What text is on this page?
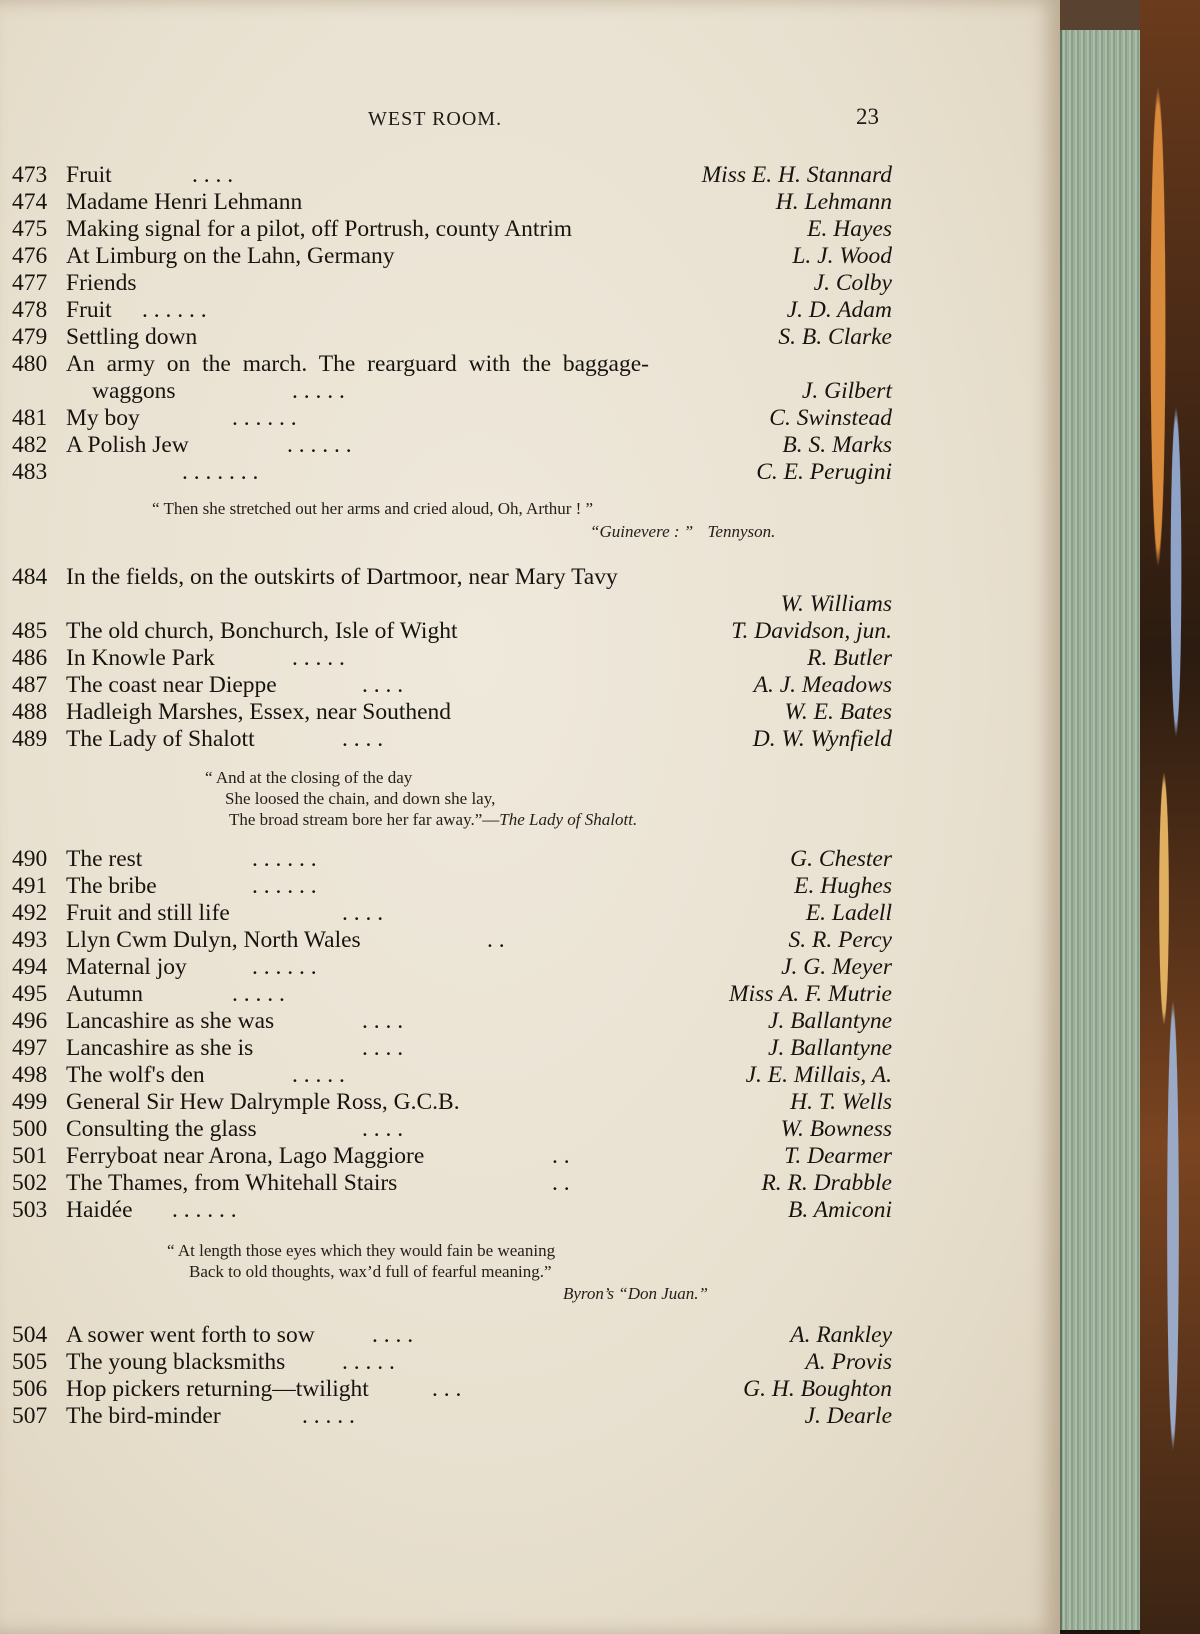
WEST ROOM.	23
473 Fruit	. . . .	Miss E. H. Stannard
474 Madame Henri Lehmann	H. Lehmann
475 Making signal for a pilot, off Portrush, county Antrim	E. Hayes
476 At Limburg on the Lahn, Germany	L. J. Wood
477 Friends	J. Colby
478 Fruit . . . . . .	J. D. Adam
479 Settling down	S. B. Clarke
480 An army on the march. The rearguard with the baggage-
waggons	. . . . .	J. Gilbert
481 My boy	. . . . . .	C. Swinstead
482 A Polish Jew	. . . . . .	B. S. Marks
483	. . . . . . .	C. E. Perugini
“ Then she stretched out her arms and cried aloud, Oh, Arthur ! ”
“Guinevere : ” Tennyson.
484 In the fields, on the outskirts of Dartmoor, near Mary Tavy
W. Williams
485 The old church, Bonchurch, Isle of Wight	T. Davidson, jun.
486 In Knowle Park	. . . . .	R. Butler
487 The coast near Dieppe	. . . .	A. J. Meadows
488 Hadleigh Marshes, Essex, near Southend	W. E. Bates
489 The Lady of Shalott	. . . .	D. W. Wynfield
“ And at the closing of the day
She loosed the chain, and down she lay,
The broad stream bore her far away.”—The Lady of Shalott.
490 The rest	. . . . . .	G. Chester
491 The bribe	. . . . . .	E. Hughes
492 Fruit and still life	. . . .	E. Ladell
493 Llyn Cwm Dulyn, North Wales	. .	S. R. Percy
494 Maternal joy	. . . . . .	J. G. Meyer
495 Autumn	. . . . .	Miss A. F. Mutrie
496 Lancashire as she was	. . . .	J. Ballantyne
497 Lancashire as she is	. . . .	J. Ballantyne
498 The wolf's den	. . . . .	J. E. Millais, A.
499 General Sir Hew Dalrymple Ross, G.C.B.	H. T. Wells
500 Consulting the glass	. . . .	W. Bowness
501 Ferryboat near Arona, Lago Maggiore	. .	T. Dearmer
502 The Thames, from Whitehall Stairs	. .	R. R. Drabble
503 Haidée . . . . . .	B. Amiconi
“ At length those eyes which they would fain be weaning
Back to old thoughts, wax’d full of fearful meaning.”
Byron’s “Don Juan.”
504 A sower went forth to sow . . . .	A. Rankley
505 The young blacksmiths . . . . .	A. Provis
506 Hop pickers returning—twilight	. . .	G. H. Boughton
507 The bird-minder	. . . . .	J. Dearle
